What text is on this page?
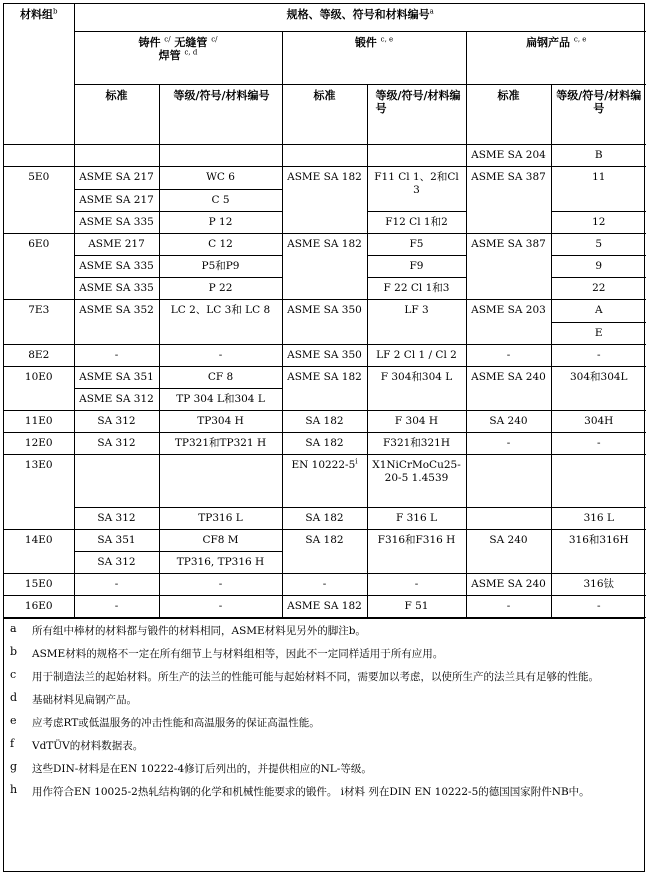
材料组$^b$	规格、等级、符号和材料编号$^a$
	铸件 $^{c/}$ 无缝管 $^{c/}$
焊管 $^{c, d}$		锻件 $^{c, e}$		扁钢产品 $^{c, e}$
	标准	等级/符号/材料编号	标准	等级/符号/材料编号	标准	等级/符号/材料编号

					ASME SA 204	B
5E0	ASME SA 217	WC 6	ASME SA 182	F11 Cl 1、2和Cl 3	ASME SA 387	11
	ASME SA 217	C 5				
	ASME SA 335	P 12		F12 Cl 1和2		12
6E0	ASME 217	C 12	ASME SA 182	F5	ASME SA 387	5
	ASME SA 335	P5和P9		F9		9
	ASME SA 335	P 22		F 22 Cl 1和3		22
7E3	ASME SA 352	LC 2、LC 3和 LC 8	ASME SA 350	LF 3	ASME SA 203	A
						E
8E2	-	-	ASME SA 350	LF 2 Cl 1 / Cl 2	-	-
10E0	ASME SA 351	CF 8	ASME SA 182	F 304和304 L	ASME SA 240	304和304L
	ASME SA 312	TP 304 L和304 L				
11E0	SA 312	TP304 H	SA 182	F 304 H	SA 240	304H
12E0	SA 312	TP321和TP321 H	SA 182	F321和321H	-	-
13E0			EN 10222-5$^i$	X1NiCrMoCu25-20-5 1.4539		
	SA 312	TP316 L	SA 182	F 316 L		316 L
14E0	SA 351	CF8 M	SA 182	F316和F316 H	SA 240	316和316H
	SA 312	TP316, TP316 H				
15E0	-	-	-	-	ASME SA 240	316钛
16E0	-	-	ASME SA 182	F 51	-	-
a 所有组中棒材的材料都与锻件的材料相同，ASME材料见另外的脚注b。
b ASME材料的规格不一定在所有细节上与材料组相等，因此不一定同样适用于所有应用。
c 用于制造法兰的起始材料。所生产的法兰的性能可能与起始材料不同，需要加以考虑，以使所生产的法兰具有足够的性能。
d 基础材料见扁钢产品。
e 应考虑RT或低温服务的冲击性能和高温服务的保证高温性能。
f VdTÜV的材料数据表。
g 这些DIN-材料是在EN 10222-4修订后列出的，并提供相应的NL-等级。
h 用作符合EN 10025-2热轧结构钢的化学和机械性能要求的锻件。 i材料 列在DIN EN 10222-5的德国国家附件NB中。
